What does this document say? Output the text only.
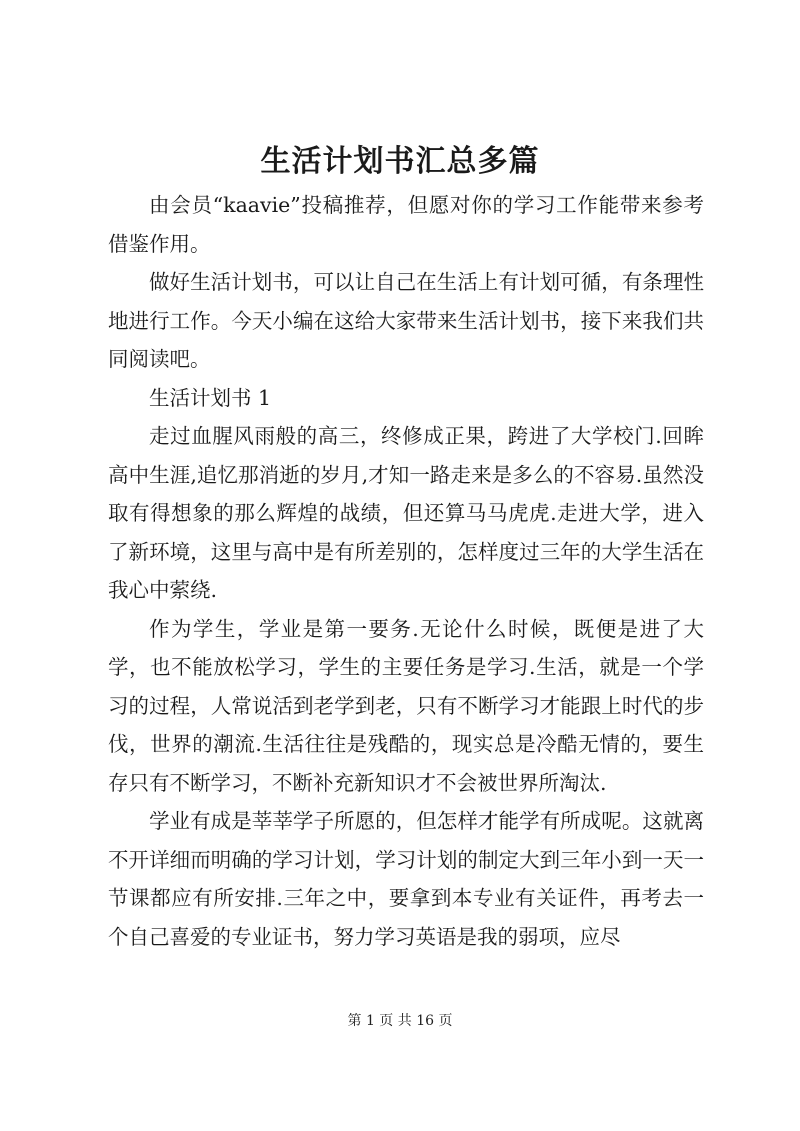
生活计划书汇总多篇

由会员“kaavie”投稿推荐，但愿对你的学习工作能带来参考借鉴作用。

做好生活计划书，可以让自己在生活上有计划可循，有条理性地进行工作。今天小编在这给大家带来生活计划书，接下来我们共同阅读吧。

生活计划书 1

走过血腥风雨般的高三，终修成正果，跨进了大学校门.回眸高中生涯,追忆那消逝的岁月,才知一路走来是多么的不容易.虽然没取有得想象的那么辉煌的战绩，但还算马马虎虎.走进大学，进入了新环境，这里与高中是有所差别的，怎样度过三年的大学生活在我心中萦绕.

作为学生，学业是第一要务.无论什么时候，既便是进了大学，也不能放松学习，学生的主要任务是学习.生活，就是一个学习的过程，人常说活到老学到老，只有不断学习才能跟上时代的步伐，世界的潮流.生活往往是残酷的，现实总是冷酷无情的，要生存只有不断学习，不断补充新知识才不会被世界所淘汰.

学业有成是莘莘学子所愿的，但怎样才能学有所成呢。这就离不开详细而明确的学习计划，学习计划的制定大到三年小到一天一节课都应有所安排.三年之中，要拿到本专业有关证件，再考去一个自己喜爱的专业证书，努力学习英语是我的弱项，应尽

第 1 页 共 16 页
